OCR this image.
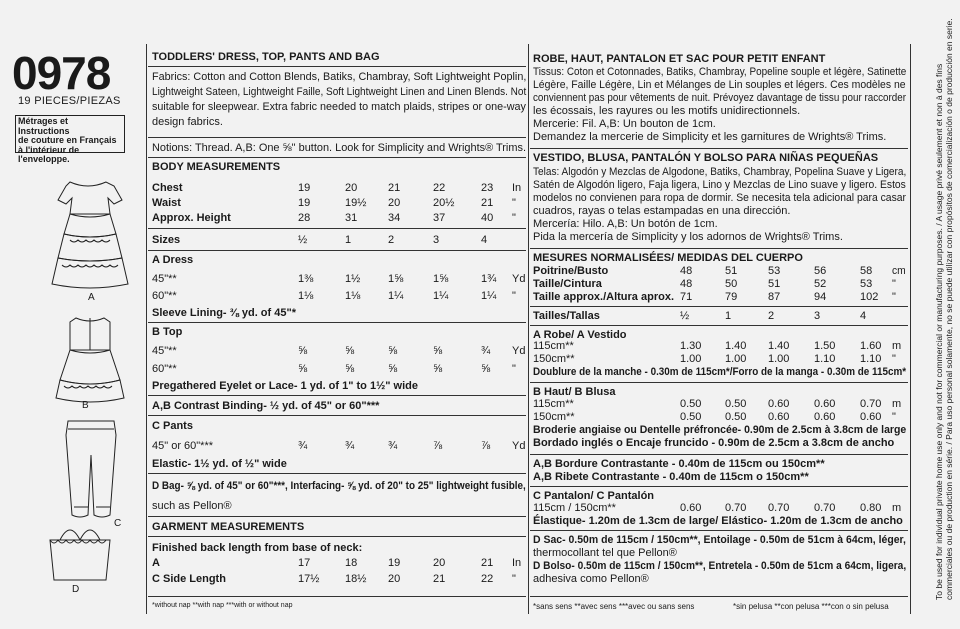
0978
19 PIECES/PIEZAS
Métrages et Instructions
de couture en Français
à l'intérieur de
l'enveloppe.
A
B
C
D
TODDLERS' DRESS, TOP, PANTS AND BAG
Fabrics: Cotton and Cotton Blends, Batiks, Chambray, Soft Lightweight Poplin,
Lightweight Sateen, Lightweight Faille, Soft Lightweight Linen and Linen Blends. Not
suitable for sleepwear. Extra fabric needed to match plaids, stripes or one-way
design fabrics.
Notions: Thread. A,B: One ⅝" button. Look for Simplicity and Wrights® Trims.
BODY MEASUREMENTS
Chest	19	20	21	22	23 In
Waist	19	19½ 20	20½ 21 "
Approx. Height	28	31	34	37	40 "
Sizes	½	1	2	3	4
A Dress
45"**	1⅜	1½	1⅝	1⅝	1¾ Yd
60"**	1⅛	1⅛	1¼	1¼	1¼ "
Sleeve Lining- ⅜ yd. of 45"*
B Top
45"**	⅝	⅝	⅝	⅝	¾ Yd
60"**	⅝	⅝	⅝	⅝	⅝ "
Pregathered Eyelet or Lace- 1 yd. of 1" to 1½" wide
A,B Contrast Binding- ½ yd. of 45" or 60"***
C Pants
45" or 60"***	¾	¾	¾	⅞	⅞ Yd
Elastic- 1½ yd. of ½" wide
D Bag- ⅝ yd. of 45" or 60"***, Interfacing- ⅝ yd. of 20" to 25" lightweight fusible,
such as Pellon®
GARMENT MEASUREMENTS
Finished back length from base of neck:
A	17	18	19	20	21 In
C Side Length	17½ 18½ 20	21	22 "
*without nap **with nap ***with or without nap
ROBE, HAUT, PANTALON ET SAC POUR PETIT ENFANT
Tissus: Coton et Cotonnades, Batiks, Chambray, Popeline souple et légère, Satinette
Légère, Faille Légère, Lin et Mélanges de Lin souples et légers. Ces modèles ne
conviennent pas pour vêtements de nuit. Prévoyez davantage de tissu pour raccorder
les écossais, les rayures ou les motifs unidirectionnels.
Mercerie: Fil. A,B: Un bouton de 1cm.
Demandez la mercerie de Simplicity et les garnitures de Wrights® Trims.
VESTIDO, BLUSA, PANTALÓN Y BOLSO PARA NIÑAS PEQUEÑAS
Telas: Algodón y Mezclas de Algodone, Batiks, Chambray, Popelina Suave y Ligera,
Satén de Algodón ligero, Faja ligera, Lino y Mezclas de Lino suave y ligero. Estos
modelos no convienen para ropa de dormir. Se necesita tela adicional para casar
cuadros, rayas o telas estampadas en una dirección.
Mercería: Hilo. A,B: Un botón de 1cm.
Pida la mercería de Simplicity y los adornos de Wrights® Trims.
MESURES NORMALISÉES/ MEDIDAS DEL CUERPO
Poitrine/Busto	48	51	53	56	58 cm
Taille/Cintura	48	50	51	52	53 "
Taille approx./Altura aprox. 71	79	87	94	102 "
Tailles/Tallas	½	1	2	3	4
A Robe/ A Vestido
115cm**	1.30 1.40 1.40 1.50 1.60 m
150cm**	1.00 1.00 1.00 1.10 1.10 "
Doublure de la manche - 0.30m de 115cm*/Forro de la manga - 0.30m de 115cm*
B Haut/ B Blusa
115cm**	0.50 0.50 0.60 0.60 0.70 m
150cm**	0.50 0.50 0.60 0.60 0.60 "
Broderie angiaise ou Dentelle préfroncée- 0.90m de 2.5cm à 3.8cm de large
Bordado inglés o Encaje fruncido - 0.90m de 2.5cm a 3.8cm de ancho
A,B Bordure Contrastante - 0.40m de 115cm ou 150cm**
A,B Ribete Contrastante - 0.40m de 115cm o 150cm**
C Pantalon/ C Pantalón
115cm / 150cm**	0.60 0.70 0.70 0.70 0.80 m
Élastique- 1.20m de 1.3cm de large/ Elástico- 1.20m de 1.3cm de ancho
D Sac- 0.50m de 115cm / 150cm**, Entoilage - 0.50m de 51cm à 64cm, léger,
thermocollant tel que Pellon®
D Bolso- 0.50m de 115cm / 150cm**, Entretela - 0.50m de 51cm a 64cm, ligera,
adhesiva como Pellon®
*sans sens **avec sens ***avec ou sans sens	*sin pelusa **con pelusa ***con o sin pelusa
To be used for individual private home use only and not for commercial or manufacturing purposes. / A usage privé seulement et non à des fins commerciales ou de production en série. / Para uso personal solamente, no se puede utilizar con propósitos de comercialización o de producción en serie.
